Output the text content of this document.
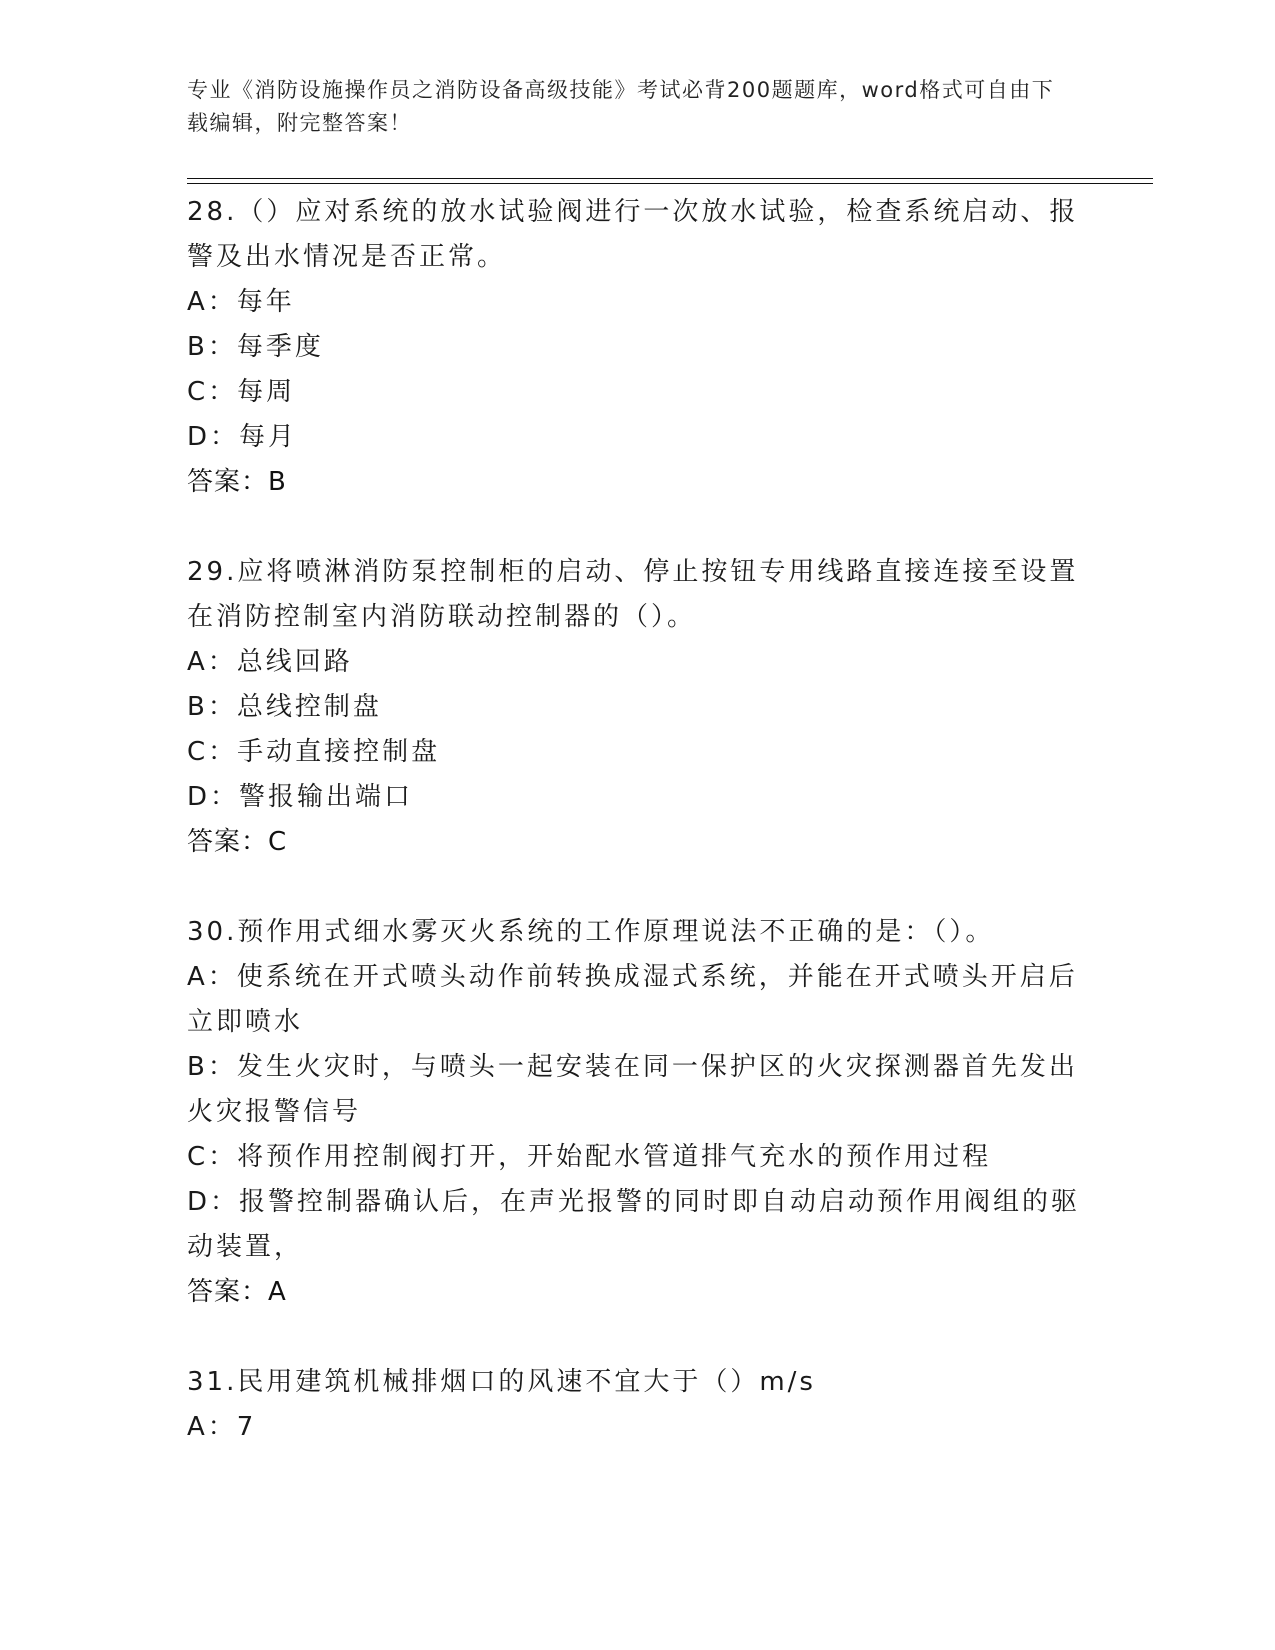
专业《消防设施操作员之消防设备高级技能》考试必背200题题库，word格式可自由下载编辑，附完整答案！

28.（）应对系统的放水试验阀进行一次放水试验，检查系统启动、报警及出水情况是否正常。

A：每年

B：每季度

C：每周

D：每月

答案：B

29.应将喷淋消防泵控制柜的启动、停止按钮专用线路直接连接至设置在消防控制室内消防联动控制器的（）。

A：总线回路

B：总线控制盘

C：手动直接控制盘

D：警报输出端口

答案：C

30.预作用式细水雾灭火系统的工作原理说法不正确的是：（）。

A：使系统在开式喷头动作前转换成湿式系统，并能在开式喷头开启后立即喷水

B：发生火灾时，与喷头一起安装在同一保护区的火灾探测器首先发出火灾报警信号

C：将预作用控制阀打开，开始配水管道排气充水的预作用过程

D：报警控制器确认后，在声光报警的同时即自动启动预作用阀组的驱动装置，

答案：A

31.民用建筑机械排烟口的风速不宜大于（）m/s

A：7
